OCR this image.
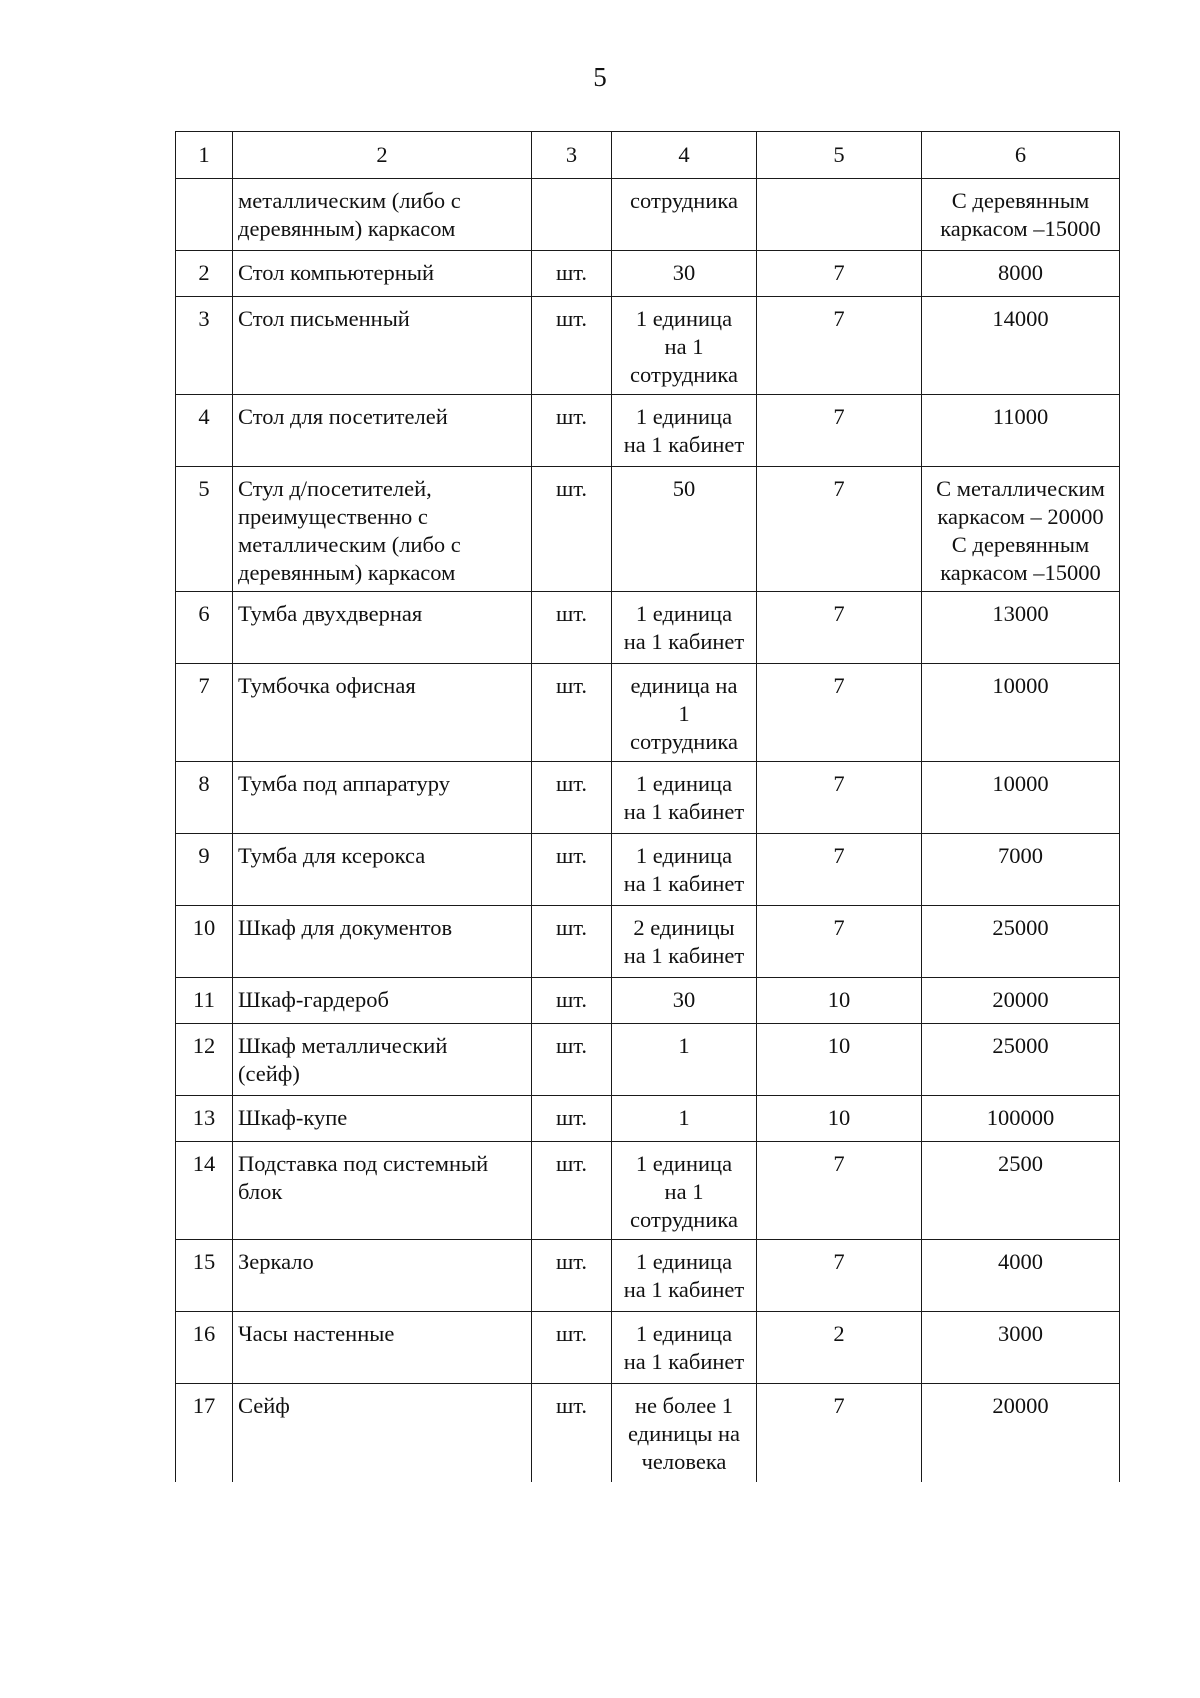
5
1	2	3	4	5	6

	металлическим (либо с
деревянным) каркасом		сотрудника		С деревянным
каркасом –15000

2	Стол компьютерный	шт.	30	7	8000

3	Стол письменный	шт.	1 единица
на 1
сотрудника	7	14000

4	Стол для посетителей	шт.	1 единица
на 1 кабинет	7	11000

5	Стул д/посетителей,
преимущественно с
металлическим (либо с
деревянным) каркасом	шт.	50	7	С металлическим
каркасом – 20000
С деревянным
каркасом –15000

6	Тумба двухдверная	шт.	1 единица
на 1 кабинет	7	13000

7	Тумбочка офисная	шт.	единица на
1
сотрудника	7	10000

8	Тумба под аппаратуру	шт.	1 единица
на 1 кабинет	7	10000

9	Тумба для ксерокса	шт.	1 единица
на 1 кабинет	7	7000

10	Шкаф для документов	шт.	2 единицы
на 1 кабинет	7	25000

11	Шкаф-гардероб	шт.	30	10	20000

12	Шкаф металлический
(сейф)	шт.	1	10	25000

13	Шкаф-купе	шт.	1	10	100000

14	Подставка под системный
блок	шт.	1 единица
на 1
сотрудника	7	2500

15	Зеркало	шт.	1 единица
на 1 кабинет	7	4000

16	Часы настенные	шт.	1 единица
на 1 кабинет	2	3000

17	Сейф	шт.	не более 1
единицы на
человека	7	20000
